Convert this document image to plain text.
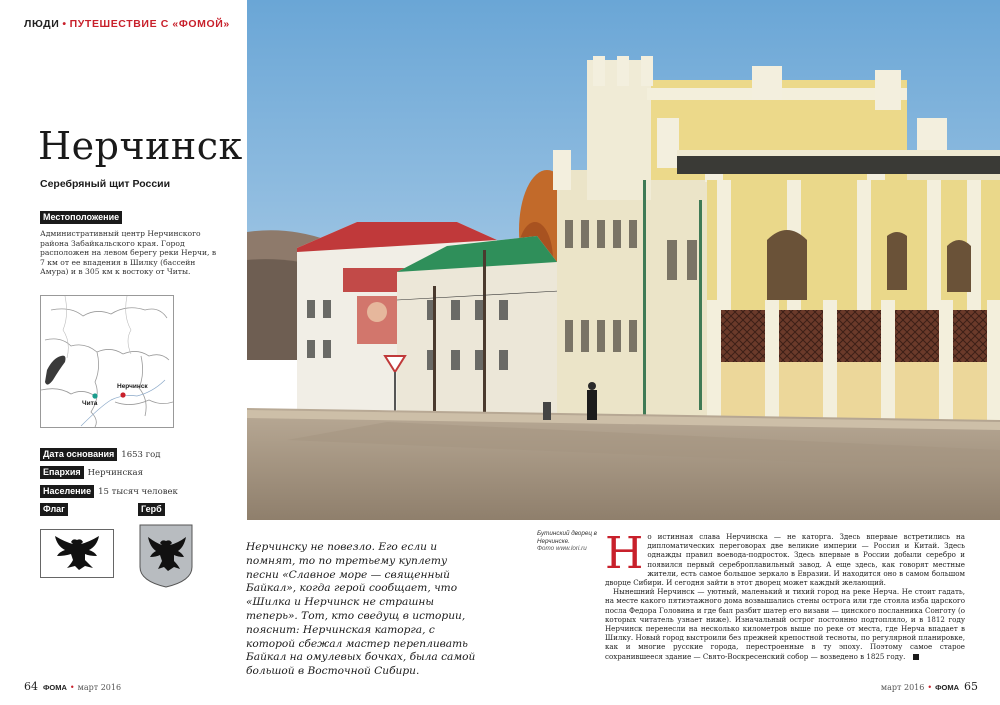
ЛЮДИ • ПУТЕШЕСТВИЕ С «ФОМОЙ»
Нерчинск
Серебряный щит России
Местоположение
Административный центр Нерчинского района Забайкальского края. Город расположен на левом берегу реки Нерчи, в 7 км от ее впадения в Шилку (бассейн Амура) и в 305 км к востоку от Читы.
Чита
Нерчинск
Дата основания 1653 год
Епархия Нерчинская
Население 15 тысяч человек
Флаг	Герб
Нерчинску не повезло. Его если и помнят, то по третьему куплету песни «Славное море — священный Байкал», когда герой сообщает, что «Шилка и Нерчинск не страшны теперь». Тот, кто сведущ в истории, пояснит: Нерчинская каторга, с которой сбежал мастер перепливать Байкал на омулевых бочках, была самой большой в Восточной Сибири.
Бутинский дворец в Нерчинске.
Фото www.lori.ru Но истинная слава Нерчинска — не каторга. Здесь впервые встретились на дипломатических переговорах две великие империи — Россия и Китай. Здесь однажды правил воевода-подросток. Здесь впервые в России добыли серебро и появился первый сереброплавильный завод. А еще здесь, как говорят местные жители, есть самое большое зеркало в Евразии. И находится оно в самом большом дворце Сибири. И сегодня зайти в этот дворец может каждый желающий.

Нынешний Нерчинск — уютный, маленький и тихий город на реке Нерча. Не стоит гадать, на месте какого пятиэтажного дома возвышались стены острога или где стояла изба царского посла Федора Головина и где был разбит шатер его визави — цинского посланника Сонготу (о которых читатель узнает ниже). Изначальный острог постоянно подтопляло, и в 1812 году Нерчинск перенесли на несколько километров выше по реке от места, где Нерча впадает в Шилку. Новый город выстроили без прежней крепостной тесноты, по регулярной планировке, как и многие русские города, перестроенные в ту эпоху. Поэтому самое старое сохранившееся здание — Свято-Воскресенский собор — возведено в 1825 году.

64 ФОМА • март 2016	март 2016 • ФОМА 65
